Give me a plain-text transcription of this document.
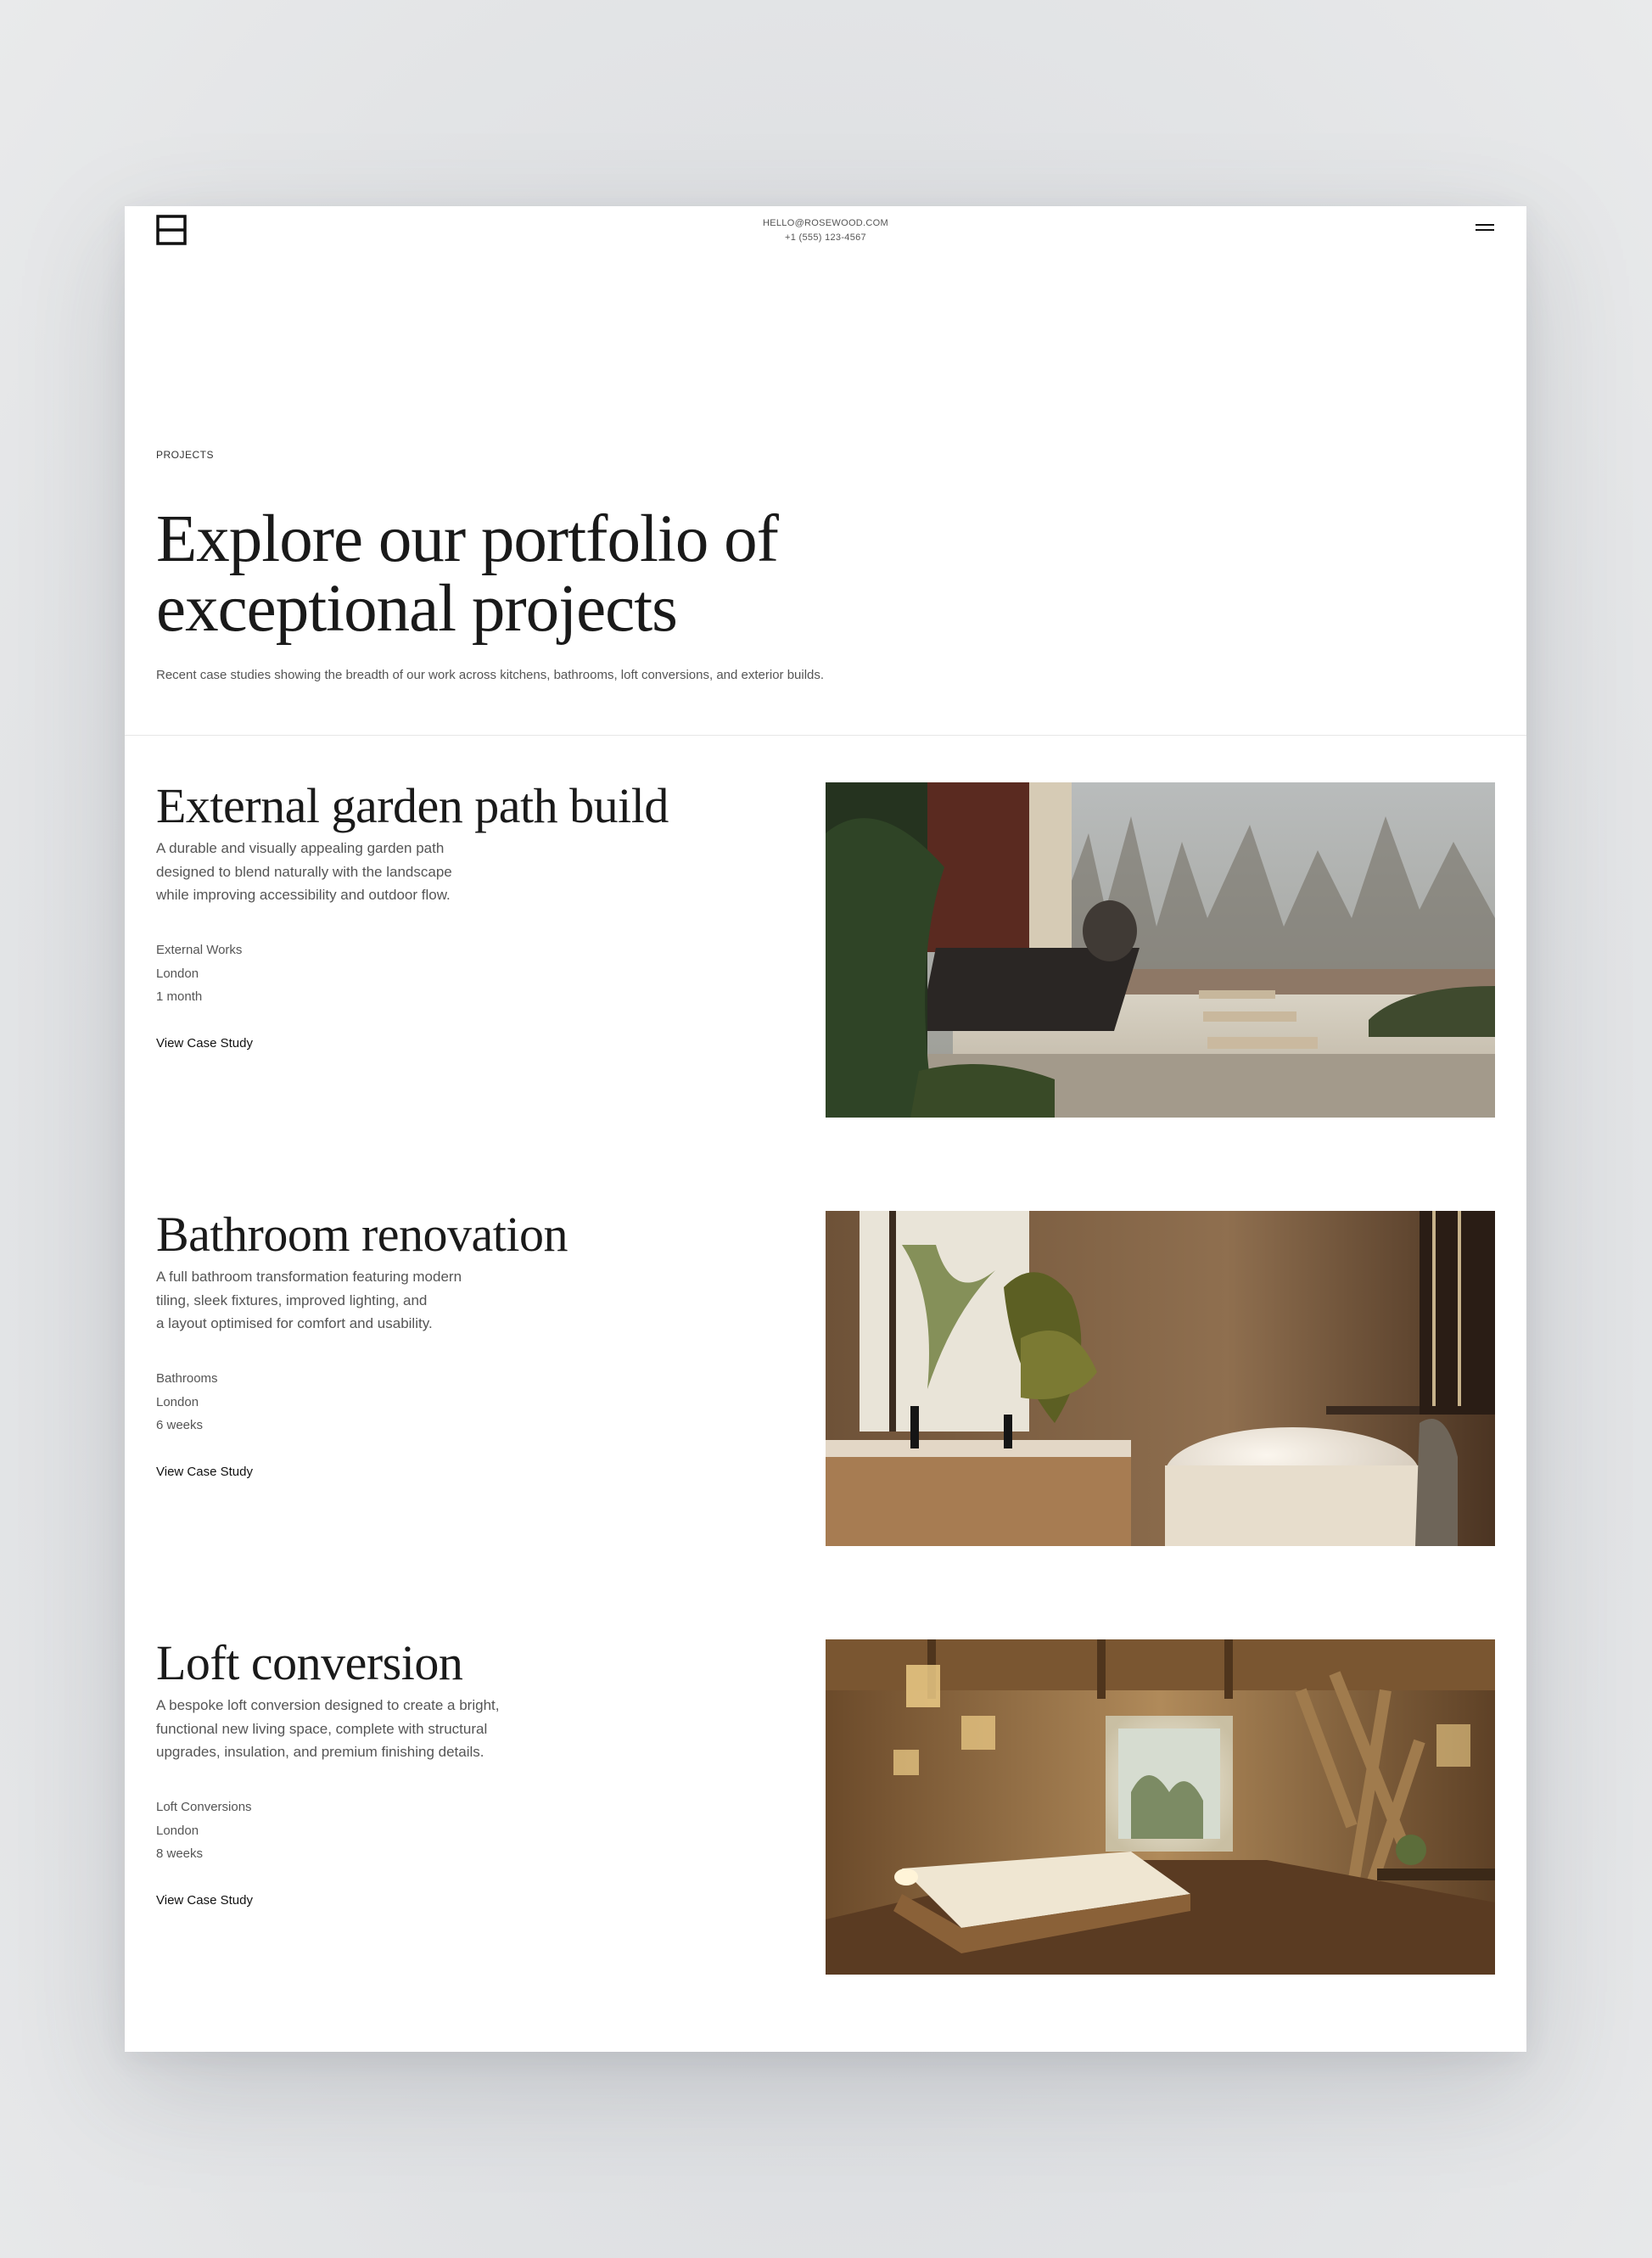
HELLO@ROSEWOOD.COM
+1 (555) 123-4567
PROJECTS
Explore our portfolio of
exceptional projects
Recent case studies showing the breadth of our work across kitchens, bathrooms, loft conversions, and exterior builds.
External garden path build
A durable and visually appealing garden path
designed to blend naturally with the landscape
while improving accessibility and outdoor flow.
External Works
London
1 month
View Case Study
Bathroom renovation
A full bathroom transformation featuring modern
tiling, sleek fixtures, improved lighting, and
a layout optimised for comfort and usability.
Bathrooms
London
6 weeks
View Case Study
Loft conversion
A bespoke loft conversion designed to create a bright,
functional new living space, complete with structural
upgrades, insulation, and premium finishing details.
Loft Conversions
London
8 weeks
View Case Study
